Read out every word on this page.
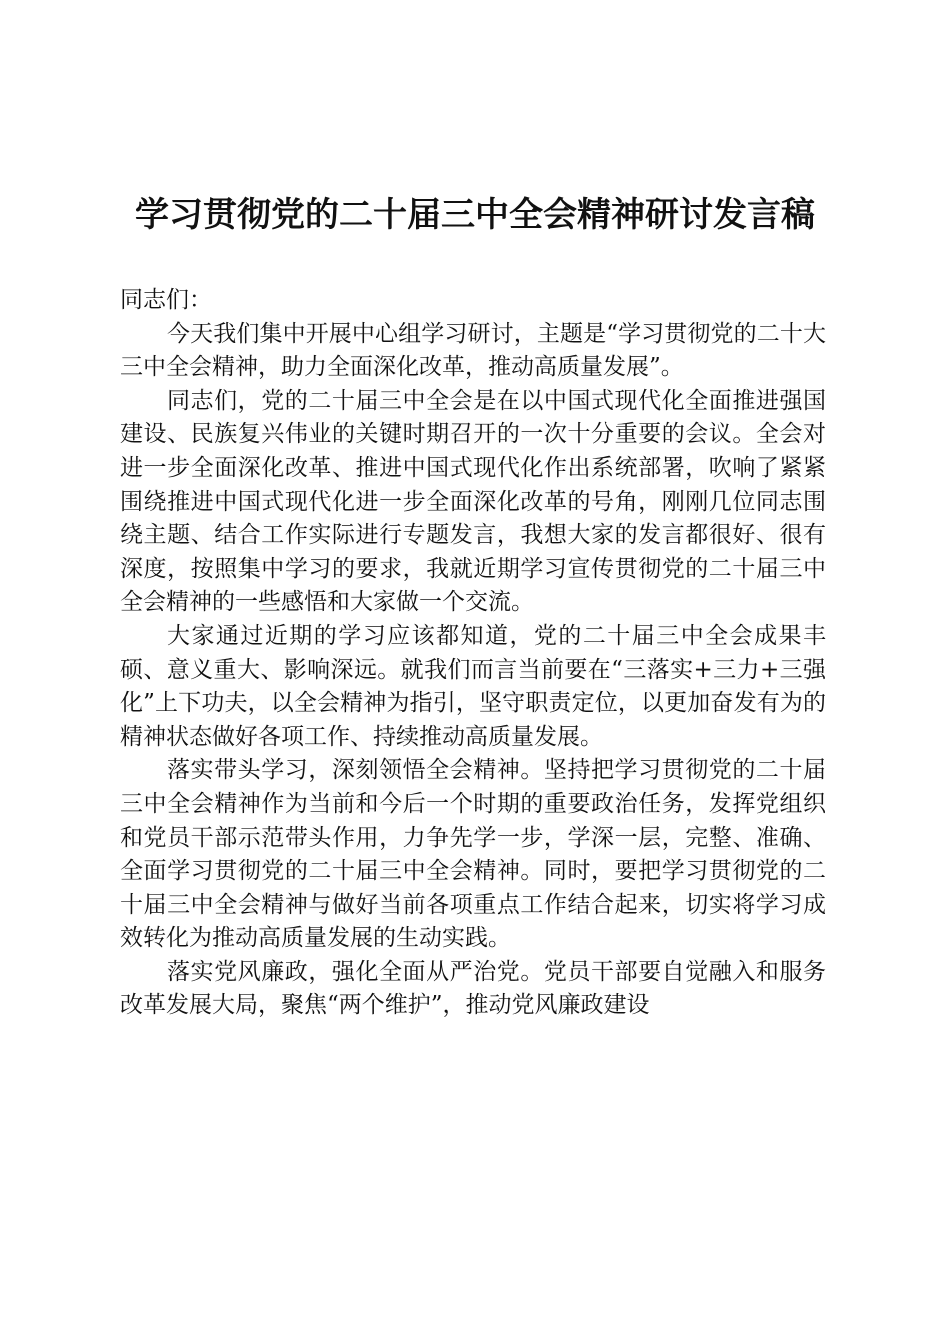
学习贯彻党的二十届三中全会精神研讨发言稿

同志们：

今天我们集中开展中心组学习研讨，主题是“学习贯彻党的二十大三中全会精神，助力全面深化改革，推动高质量发展”。

同志们，党的二十届三中全会是在以中国式现代化全面推进强国建设、民族复兴伟业的关键时期召开的一次十分重要的会议。全会对进一步全面深化改革、推进中国式现代化作出系统部署，吹响了紧紧围绕推进中国式现代化进一步全面深化改革的号角，刚刚几位同志围绕主题、结合工作实际进行专题发言，我想大家的发言都很好、很有深度，按照集中学习的要求，我就近期学习宣传贯彻党的二十届三中全会精神的一些感悟和大家做一个交流。

大家通过近期的学习应该都知道，党的二十届三中全会成果丰硕、意义重大、影响深远。就我们而言当前要在“三落实+三力+三强化”上下功夫，以全会精神为指引，坚守职责定位，以更加奋发有为的精神状态做好各项工作、持续推动高质量发展。

落实带头学习，深刻领悟全会精神。坚持把学习贯彻党的二十届三中全会精神作为当前和今后一个时期的重要政治任务，发挥党组织和党员干部示范带头作用，力争先学一步，学深一层，完整、准确、全面学习贯彻党的二十届三中全会精神。同时，要把学习贯彻党的二十届三中全会精神与做好当前各项重点工作结合起来，切实将学习成效转化为推动高质量发展的生动实践。

落实党风廉政，强化全面从严治党。党员干部要自觉融入和服务改革发展大局，聚焦“两个维护”，推动党风廉政建设
